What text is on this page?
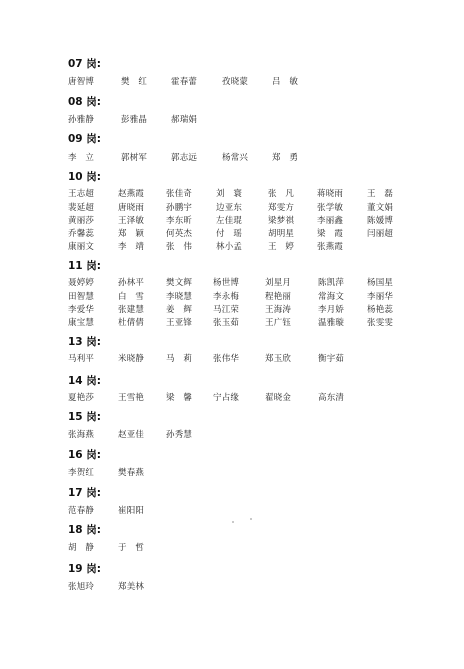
07 岗:
唐智博	樊　红	霍春蕾	孜晓蒙	吕　敏
08 岗:
孙雅静	彭雅晶	郝瑞娟
09 岗:
李　立	郭树军	郭志远	杨常兴	郑　勇
10 岗:
王志超	赵燕霞	张佳奇	刘　寰	张　凡	蒋晓雨	王　磊
裴延超	唐晓雨	孙鹏宇	边亚东	郑雯方	张学敏	董文娟
黄丽莎	王泽敏	李东昕	左佳琨	梁梦祺	李丽鑫	陈媛博
乔馨蕊	郑　颖	何英杰	付　瑶	胡明星	梁　霞	闫丽超
康丽文	李　靖	张　伟	林小孟	王　婷	张燕霞
11 岗:
聂婷婷	孙林平	樊文辉 杨世博	刘星月	陈凯萍	杨国星
田智慧	白　雪	李晓慧 李永梅	程艳丽	常海文	李丽华
李爱华	张建慧	姜　辉 马江荣	王海涛	李月娇	杨艳蕊
康宝慧	杜倩倩	王亚锋 张玉茹	王广钰	温雅璇	张雯雯
13 岗:
马利平	米晓静	马　莉 张伟华	郑玉欣	衡宇茹
14 岗:
夏艳莎	王雪艳	梁　馨 宁占缘	翟晓金	高东清
15 岗:
张海燕	赵亚佳	孙秀慧
16 岗:
李贺红	樊春燕
17 岗:
范春静	崔阳阳
18 岗:
胡　静	于　哲
19 岗:
张旭玲	郑美林
